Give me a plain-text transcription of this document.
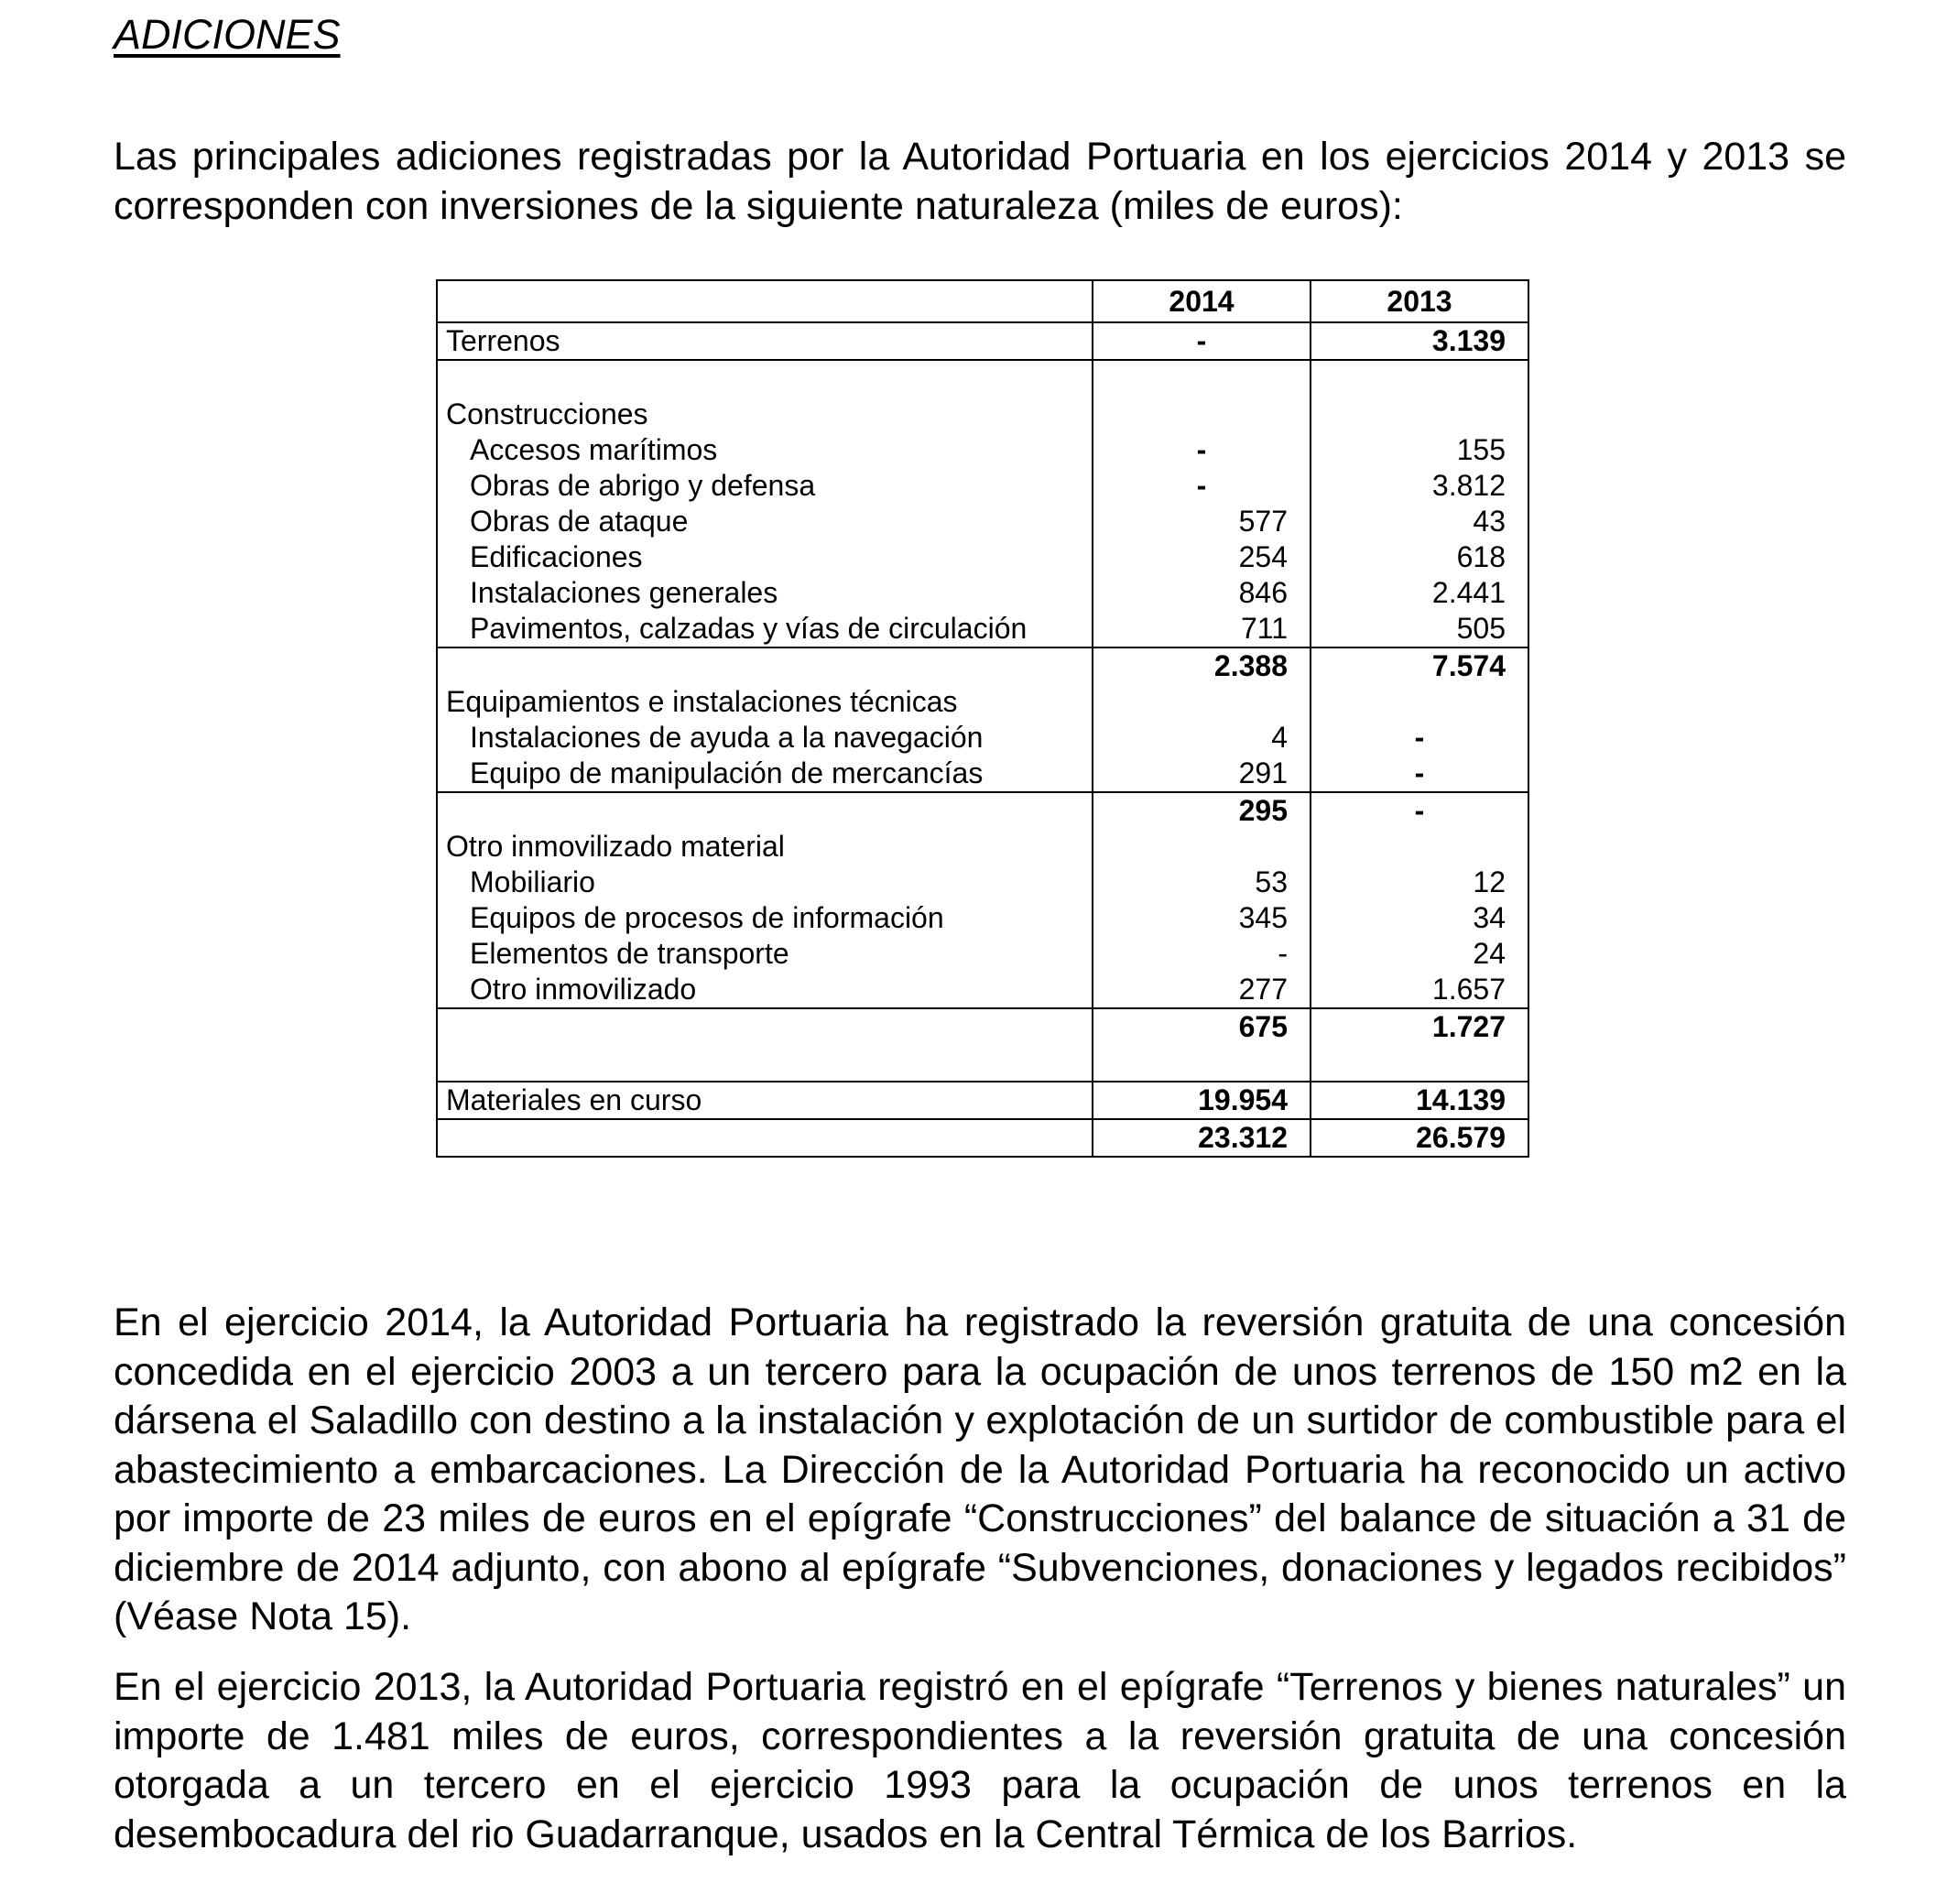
ADICIONES

Las principales adiciones registradas por la Autoridad Portuaria en los ejercicios 2014 y 2013 se corresponden con inversiones de la siguiente naturaleza (miles de euros):

	2014	2013
Terrenos	-	3.139
Construcciones		
Accesos marítimos	-	155
Obras de abrigo y defensa	-	3.812
Obras de ataque	577	43
Edificaciones	254	618
Instalaciones generales	846	2.441
Pavimentos, calzadas y vías de circulación	711	505
	2.388	7.574
Equipamientos e instalaciones técnicas		
Instalaciones de ayuda a la navegación	4	-
Equipo de manipulación de mercancías	291	-
	295	-
Otro inmovilizado material		
Mobiliario	53	12
Equipos de procesos de información	345	34
Elementos de transporte	-	24
Otro inmovilizado	277	1.657
	675	1.727
Materiales en curso	19.954	14.139
	23.312	26.579

En el ejercicio 2014, la Autoridad Portuaria ha registrado la reversión gratuita de una concesión concedida en el ejercicio 2003 a un tercero para la ocupación de unos terrenos de 150 m2 en la dársena el Saladillo con destino a la instalación y explotación de un surtidor de combustible para el abastecimiento a embarcaciones. La Dirección de la Autoridad Portuaria ha reconocido un activo por importe de 23 miles de euros en el epígrafe “Construcciones” del balance de situación a 31 de diciembre de 2014 adjunto, con abono al epígrafe “Subvenciones, donaciones y legados recibidos” (Véase Nota 15).

En el ejercicio 2013, la Autoridad Portuaria registró en el epígrafe “Terrenos y bienes naturales” un importe de 1.481 miles de euros, correspondientes a la reversión gratuita de una concesión otorgada a un tercero en el ejercicio 1993 para la ocupación de unos terrenos en la desembocadura del rio Guadarranque, usados en la Central Térmica de los Barrios.
